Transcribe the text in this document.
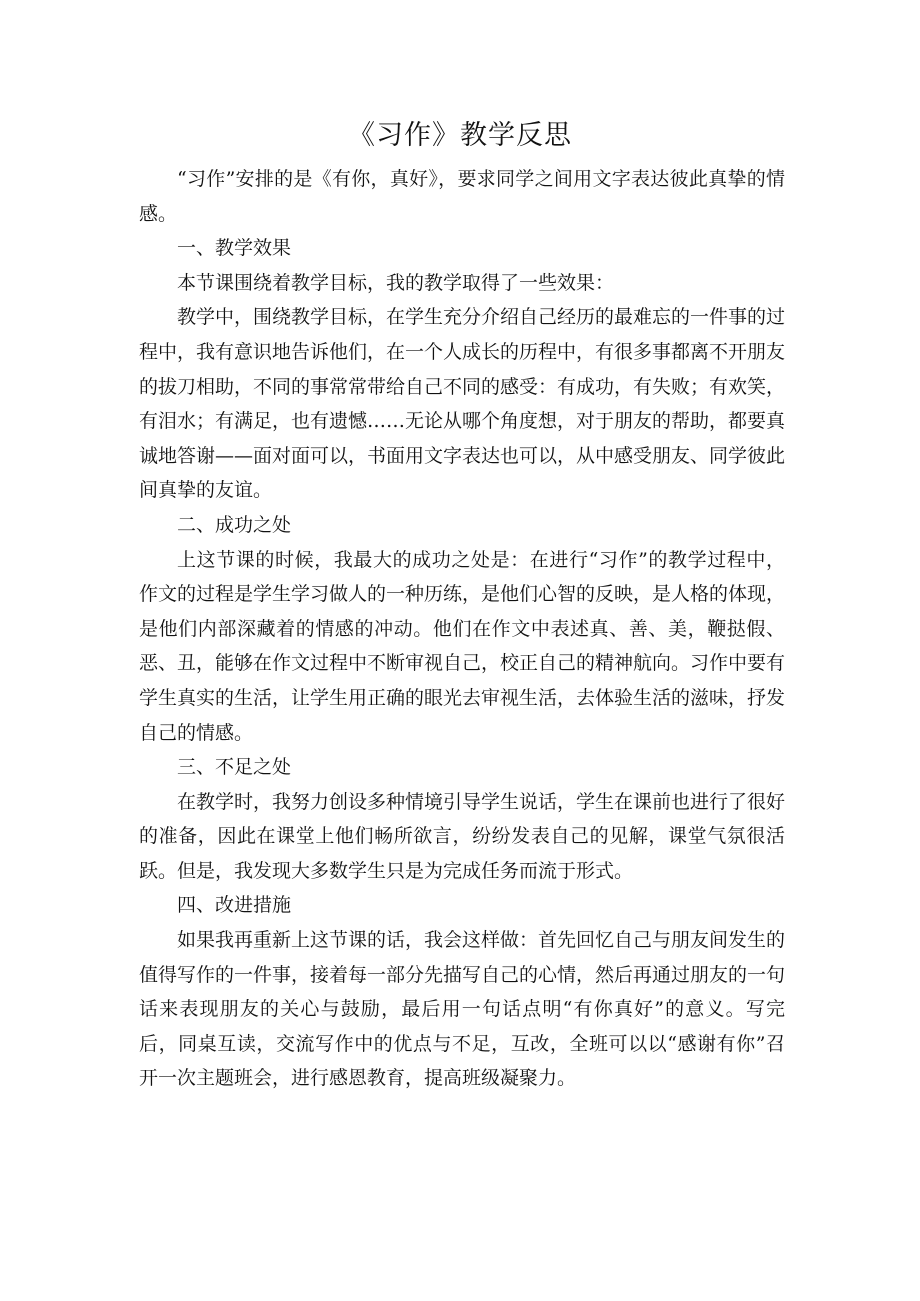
《习作》教学反思

“习作”安排的是《有你，真好》，要求同学之间用文字表达彼此真挚的情感。

一、教学效果

本节课围绕着教学目标，我的教学取得了一些效果：

教学中，围绕教学目标，在学生充分介绍自己经历的最难忘的一件事的过程中，我有意识地告诉他们，在一个人成长的历程中，有很多事都离不开朋友的拔刀相助，不同的事常常带给自己不同的感受：有成功，有失败；有欢笑，有泪水；有满足，也有遗憾……无论从哪个角度想，对于朋友的帮助，都要真诚地答谢——面对面可以，书面用文字表达也可以，从中感受朋友、同学彼此间真挚的友谊。

二、成功之处

上这节课的时候，我最大的成功之处是：在进行“习作”的教学过程中，作文的过程是学生学习做人的一种历练，是他们心智的反映，是人格的体现，是他们内部深藏着的情感的冲动。他们在作文中表述真、善、美，鞭挞假、恶、丑，能够在作文过程中不断审视自己，校正自己的精神航向。习作中要有学生真实的生活，让学生用正确的眼光去审视生活，去体验生活的滋味，抒发自己的情感。

三、不足之处

在教学时，我努力创设多种情境引导学生说话，学生在课前也进行了很好的准备，因此在课堂上他们畅所欲言，纷纷发表自己的见解，课堂气氛很活跃。但是，我发现大多数学生只是为完成任务而流于形式。

四、改进措施

如果我再重新上这节课的话，我会这样做：首先回忆自己与朋友间发生的值得写作的一件事，接着每一部分先描写自己的心情，然后再通过朋友的一句话来表现朋友的关心与鼓励，最后用一句话点明“有你真好”的意义。写完后，同桌互读，交流写作中的优点与不足，互改，全班可以以“感谢有你”召开一次主题班会，进行感恩教育，提高班级凝聚力。
